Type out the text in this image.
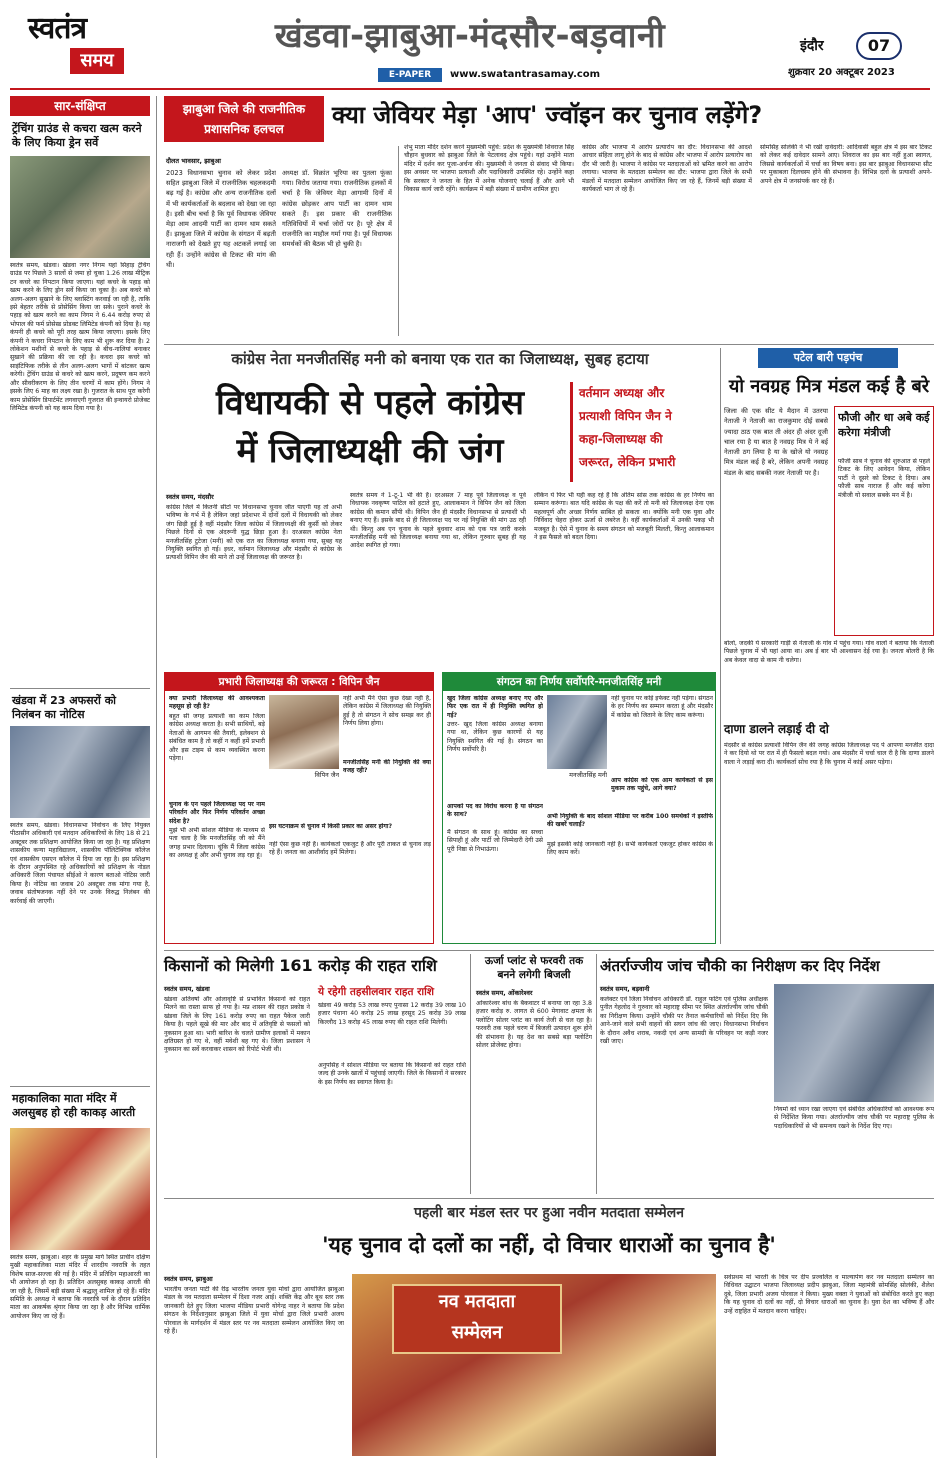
स्वतंत्र
समय
खंडवा-झाबुआ-मंदसौर-बड़वानी
E-PAPER	www.swatantrasamay.com
इंदौर	07
शुक्रवार 20 अक्टूबर 2023
सार-संक्षिप्त
ट्रेंचिंग ग्राउंड से कचरा खत्म करने के लिए किया ड्रेन सर्वे
स्वतंत्र समय, खंडवा। खंडवा नगर निगम यहां सिहाड़ ट्रेंचिंग ग्राउंड पर पिछले 3 सालों से जमा हो चुका 1.26 लाख मीट्रिक टन कचरे का निपटान किया जाएगा। यहां कचरे के पहाड़ को खत्म करने के लिए ड्रोन सर्वे किया जा चुका है। अब कचरे को अलग-अलग सुखाने के लिए ब्लास्टिंग करवाई जा रही है, ताकि इसे बेहतर तरीके से प्रोसेसिंग किया जा सके। पुराने कचरे के पहाड़ को खत्म करने का काम निगम ने 6.44 करोड़ रुपए से भोपाल की फर्म प्रोसेस्ड प्रोडक्ट लिमिटेड कंपनी को दिया है। यह कंपनी ही कचरे को पूरी तरह खत्म किया जाएगा। इसके लिए कंपनी ने कचरा निपटान के लिए काम भी शुरू कर दिया है। 2 लोकेशन मशीनों से कचरे के पहाड़ से बीच-नालियां बनाकर सुखाने की प्रक्रिया की जा रही है। कचरा इस कचरे को साइंटिफिक तरीके से तीन अलग-अलग भागों में बांटकर खत्म करेगी। ट्रेंचिंग ग्राउंड से कचरे को खत्म करने, प्रदूषण कम करने और सीवरीकरण के लिए तीन चरणों में काम होंगे। निगम ने इसके लिए 6 माह का लक्ष्य रखा है। गुजरात के साथ पूरा करेगी काम प्रोसेसिंग डिपार्टमेंट लगवाएगी गुजरात की इन्वायरो प्रोजेक्ट लिमिटेड कंपनी को यह काम दिया गया है।
खंडवा में 23 अफसरों को निलंबन का नोटिस
स्वतंत्र समय, खंडवा। विधानसभा निर्वाचन के लिए नियुक्त पीठासीन अधिकारी एवं मतदान अधिकारियों के लिए 18 से 21 अक्टूबर तक प्रशिक्षण आयोजित किया जा रहा है। यह प्रशिक्षण शासकीय कन्या महाविद्यालय, शासकीय पॉलिटेक्निक कॉलेज एवं शासकीय एसएन कॉलेज में दिया जा रहा है। इस प्रशिक्षण के दौरान अनुपस्थित रहे अधिकारियों को प्रशिक्षण के नोडल अधिकारी जिला पंचायत सीईओ ने कारण बताओ नोटिस जारी किया है। नोटिस का जवाब 20 अक्टूबर तक मांगा गया है, जवाब संतोषजनक नहीं देने पर उनके विरुद्ध निलंबन की कार्रवाई की जाएगी।
महाकालिका माता मंदिर में अलसुबह हो रही काकड़ आरती
स्वतंत्र समय, झाबुआ। शहर के प्रमुख मार्ग स्थित प्राचीन दक्षिण मुखी महाकालिका माता मंदिर में शारदीय नवरात्रि के तहत विशेष साज-सज्जा की गई है। मंदिर में प्रतिदिन महाआरती का भी आयोजन हो रहा है। प्रतिदिन अलसुबह काकड़ आरती की जा रही है, जिसमें बड़ी संख्या में श्रद्धालु शामिल हो रहे हैं। मंदिर समिति के अध्यक्ष ने बताया कि नवरात्रि पर्व के दौरान प्रतिदिन माता का आकर्षक श्रृंगार किया जा रहा है और विभिन्न धार्मिक आयोजन किए जा रहे हैं।
झाबुआ जिले की राजनीतिक
प्रशासनिक हलचल	क्या जेवियर मेड़ा 'आप' ज्वॉइन कर चुनाव लड़ेंगे?
दौलत भावसार, झाबुआ
2023 विधानसभा चुनाव को लेकर प्रदेश सहित झाबुआ जिले में राजनीतिक चहलकदमी बढ़ गई है। कांग्रेस और अन्य राजनीतिक दलों में भी कार्यकर्ताओं के बदलाव को देखा जा रहा है। इसी बीच चर्चा है कि पूर्व विधायक जेवियर मेड़ा आम आदमी पार्टी का दामन थाम सकते हैं। झाबुआ जिले में कांग्रेस के संगठन में बढ़ती नाराजगी को देखते हुए यह अटकलें लगाई जा रही हैं। उन्होंने कांग्रेस से टिकट की मांग की थी।
अध्यक्ष डॉ. विक्रांत भूरिया का पुतला फूंका गया। विरोध जताया गया। राजनीतिक हलकों में चर्चा है कि जेवियर मेड़ा आगामी दिनों में कांग्रेस छोड़कर आप पार्टी का दामन थाम सकते हैं। इस प्रकार की राजनीतिक गतिविधियों में चर्चा जोरों पर है। पूरे क्षेत्र में राजनीति का माहौल गर्मा गया है। पूर्व विधायक समर्थकों की बैठक भी हो चुकी है।
शंभु माता मंदिर दर्शन करने मुख्यमंत्री पहुंचे: प्रदेश के मुख्यमंत्री शिवराज सिंह चौहान बुधवार को झाबुआ जिले के पेटलावद क्षेत्र पहुंचे। यहां उन्होंने माता मंदिर में दर्शन कर पूजा-अर्चना की। मुख्यमंत्री ने जनता से संवाद भी किया। इस अवसर पर भाजपा प्रत्याशी और पदाधिकारी उपस्थित रहे। उन्होंने कहा कि सरकार ने जनता के हित में अनेक योजनाएं चलाई हैं और आगे भी विकास कार्य जारी रहेंगे। कार्यक्रम में बड़ी संख्या में ग्रामीण शामिल हुए।
कांग्रेस और भाजपा में आरोप प्रत्यारोप का दौर: विधानसभा की आदर्श आचार संहिता लागू होने के बाद से कांग्रेस और भाजपा में आरोप प्रत्यारोप का दौर भी जारी है। भाजपा ने कांग्रेस पर मतदाताओं को भ्रमित करने का आरोप लगाया। भाजपा के मतदाता सम्मेलन का दौर: भाजपा द्वारा जिले के सभी मंडलों में मतदाता सम्मेलन आयोजित किए जा रहे हैं, जिनमें बड़ी संख्या में कार्यकर्ता भाग ले रहे हैं।
सोमसिंह सोलंकी ने भी रखी दावेदारी: आदिवासी बहुल क्षेत्र में इस बार टिकट को लेकर कई दावेदार सामने आए। शिवराज का इस बार नहीं हुआ स्वागत, जिससे कार्यकर्ताओं में चर्चा का विषय बना। इस बार झाबुआ विधानसभा सीट पर मुकाबला दिलचस्प होने की संभावना है। विभिन्न दलों के प्रत्याशी अपने-अपने क्षेत्र में जनसंपर्क कर रहे हैं।
कांग्रेस नेता मनजीतसिंह मनी को बनाया एक रात का जिलाध्यक्ष, सुबह हटाया
विधायकी से पहले कांग्रेस
में जिलाध्यक्षी की जंग
वर्तमान अध्यक्ष और
प्रत्याशी विपिन जैन ने
कहा-जिलाध्यक्ष की
जरूरत, लेकिन प्रभारी
स्वतंत्र समय, मंदसौर
कांग्रेस जिले में कितनी सीटों पर विधानसभा चुनाव जीत पाएगी यह तो अभी भविष्य के गर्भ में है लेकिन जहां प्रदेशभर में दोनों दलों में विधायकी को लेकर जंग छिड़ी हुई है वहीं मंदसौर जिला कांग्रेस में जिलाध्यक्षी की कुर्सी को लेकर पिछले दिनों से एक अंदरूनी युद्ध छिड़ा हुआ है। दरअसल कांग्रेस नेता मनजीतसिंह टुटेजा (मनी) को एक रात का जिलाध्यक्ष बनाया गया, सुबह यह नियुक्ति स्थगित हो गई। इधर, वर्तमान जिलाध्यक्ष और मंदसौर से कांग्रेस के प्रत्याशी विपिन जैन की माने तो उन्हें जिलाध्यक्ष की जरूरत है।
स्वतंत्र समय ने 1-टू-1 भी की है। दरअसल 7 माह पूर्व जिलाध्यक्ष व पूर्व विधायक नवकृष्ण पाटिल को हटाते हुए, आलाकमान ने विपिन जैन को जिला कांग्रेस की कमान सौंपी थी। विपिन जैन ही मंदसौर विधानसभा से प्रत्याशी भी बनाए गए हैं। इसके बाद से ही जिलाध्यक्ष पद पर नई नियुक्ति की मांग उठ रही थी। किन्तु अब एन चुनाव के पहले बुधवार शाम को एक पत्र जारी करके मनजीतसिंह मनी को जिलाध्यक्ष बनाया गया था, लेकिन गुरुवार सुबह ही यह आदेश स्थगित हो गया।
लेकिन ये फिर भी यही कह रहे हैं कि अंतिम सांस तक कांग्रेस के हर निर्णय का सम्मान करूंगा। बात यदि कांग्रेस के पक्ष की करें तो मनी को जिलाध्यक्ष देना एक महत्वपूर्ण और अच्छा निर्णय साबित हो सकता था। क्योंकि मनी एक युवा और निर्विवाद चेहरा होकर ऊर्जा से लबरेज है। वहीं कार्यकर्ताओं में उनकी पकड़ भी मजबूत है। ऐसे में चुनाव के समय संगठन को मजबूती मिलती, किन्तु आलाकमान ने इस फैसले को बदल दिया।
प्रभारी जिलाध्यक्ष की जरूरत : विपिन जैन
क्या प्रभारी जिलाध्यक्ष की आवश्यकता महसूस हो रही है?
बहुत सी जगह प्रत्याशी का काम जिला कांग्रेस अध्यक्ष करता है। सभी साथियों, बड़े नेताओं के आगमन की तैयारी, इलेक्शन से संबंधित काम है तो कहीं न कहीं हमें प्रभारी और इस टाइम से काम व्यवस्थित करना पड़ेगा।
चुनाव के एन पहले जिलाध्यक्ष पद पर नाम परिवर्तन और फिर निर्णय परिवर्तन अच्छा संदेश है?
मुझे भी अभी सोशल मीडिया के माध्यम से पता चला है कि मनजीतसिंह जी को मैंने जगह प्रभार दिलाया। चूंकि मैं जिला कांग्रेस का अध्यक्ष हूं और अभी चुनाव लड़ रहा हूं।
विपिन जैन
नहीं अभी मैंने ऐसा कुछ देखा नहीं है, लेकिन कांग्रेस में जिलाध्यक्ष की नियुक्ति हुई है तो संगठन ने सोच समझ कर ही निर्णय लिया होगा।
मनजीतसिंह मनी की नियुक्ति की क्या वजह रही?
इस घटनाक्रम से चुनाव में किसी प्रकार का असर होगा?
नहीं ऐसा कुछ नहीं है। कार्यकर्ता एकजुट हैं और पूरी ताकत से चुनाव लड़ रहे हैं। जनता का आशीर्वाद हमें मिलेगा।
संगठन का निर्णय सर्वोपरि-मनजीतसिंह मनी
खुद जिला कांग्रेस अध्यक्ष बनाए गए और फिर एक रात में ही नियुक्ति स्थगित हो गई?
उत्तर- खुद जिला कांग्रेस अध्यक्ष बनाया गया था, लेकिन कुछ कारणों से यह नियुक्ति स्थगित की गई है। संगठन का निर्णय सर्वोपरि है।
मनजीतसिंह मनी
आपको पद का विरोध करना है या संगठन के साथ?
मैं संगठन के साथ हूं। कांग्रेस का सच्चा सिपाही हूं और पार्टी जो जिम्मेदारी देगी उसे पूरी निष्ठा से निभाऊंगा।
नहीं चुनाव पर कोई इफेक्ट नहीं पड़ेगा। संगठन के हर निर्णय का सम्मान करता हूं और मंदसौर में कांग्रेस को जिताने के लिए काम करूंगा।
आप कांग्रेस को एक आम कार्यकर्ता से इस मुकाम तक पहुंचे, आगे क्या?
अभी नियुक्ति के बाद सोशल मीडिया पर करीब 100 समर्थकों ने इस्तीफे की खबरें चलाईं?
मुझे इसकी कोई जानकारी नहीं है। सभी कार्यकर्ता एकजुट होकर कांग्रेस के लिए काम करें।
पटेल बारी पड़पंच
यो नवग्रह मित्र मंडल कई है बरे
जिला की एक सीट ये मैदान में उतरया नेताजी ने नेताजी का राजकुमार दोई सबसे ज्यादा ठाठ एक बात ती अंदर ही अंदर दूजी चाल रया है या बात है नवग्रह मित्र ये ने बई नेताजी ठग लिया है या के खोजे यो नवग्रह मित्र मंडल कई है बरे, लेकिन अपनी नवग्रह मंडल के बाद सबकी नजर नेताजी पर है।
फौजी और धा अबे कई करेगा मंत्रीजी
फौजी साब ने चुनाव की शुरुआत से पहले टिकट के लिए आवेदन किया, लेकिन पार्टी ने दूसरे को टिकट दे दिया। अब फौजी साब नाराज हैं और कई करेगा मंत्रीजी यो सवाल सबके मन में है।
बोलो, जदकी ये सरकारी गाड़ी से नेताजी के गांव में पहुंच गया। गांव वालों ने बताया कि नेताजी पिछले चुनाव में भी यहां आया था। अब ई बार भी आश्वासन देई रया है। जनता बोलरी है कि अब केवल वादा से काम नी चलेगा।
दाणा डालने लड़ाई दी दो
मंदसौर से कांग्रेस प्रत्याशी विपिन जैन की जगह कांग्रेस जिलाध्यक्ष पद पे आपणा मनजीत दादा ने कर दियो थो पर रात में ही फैसलो बदल गयो। अब मंदसौर में चर्चा चाल री है कि दाणा डालने वाला ने लड़ाई करा दी। कार्यकर्ता सोच रया है कि चुनाव में कांई असर पड़ेगा।
किसानों को मिलेगी 161 करोड़ की राहत राशि
स्वतंत्र समय, खंडवा
खंडवा अतिवर्षा और ओलावृष्टि से प्रभावित किसानों को राहत मिलने का रास्ता साफ हो गया है। मप्र शासन की राहत प्रकोष्ठ ने खंडवा जिले के लिए 161 करोड़ रुपए का राहत पैकेज जारी किया है। पहले सूखे की मार और बाद में अतिवृष्टि से फसलों को नुकसान हुआ था। भारी बारिश के चलते ग्रामीण इलाकों में मकान क्षतिग्रस्त हो गए थे, वहीं मवेशी बह गए थे। जिला प्रशासन ने नुकसान का सर्वे करवाकर शासन को रिपोर्ट भेजी थी।
ये रहेगी तहसीलवार राहत राशि
खंडवा 49 करोड़ 53 लाख रुपए पुनासा 12 करोड़ 39 लाख 10 हजार पंधाना 40 करोड़ 25 लाख हरसूद 25 करोड़ 39 लाख किल्लौद 13 करोड़ 45 लाख रुपए की राहत राशि मिलेगी।
अनुपसिंह ने सोशल मीडिया पर बताया कि किसानों को राहत राशि जल्द ही उनके खातों में पहुंचाई जाएगी। जिले के किसानों ने सरकार के इस निर्णय का स्वागत किया है।
ऊर्जा प्लांट से फरवरी तक बनने लगेगी बिजली
स्वतंत्र समय, ओंकारेश्वर
ओंकारेश्वर बांध के बैकवाटर में बनाया जा रहा 3.8 हजार करोड़ रु. लागत से 600 मेगावाट क्षमता के फ्लोटिंग सोलर प्लांट का कार्य तेजी से चल रहा है। फरवरी तक पहले चरण में बिजली उत्पादन शुरू होने की संभावना है। यह देश का सबसे बड़ा फ्लोटिंग सोलर प्रोजेक्ट होगा।
अंतर्राज्जीय जांच चौकी का निरीक्षण कर दिए निर्देश
स्वतंत्र समय, बड़वानी
कलेक्टर एवं जिला निर्वाचन अधिकारी डॉ. राहुल फटिंग एवं पुलिस अधीक्षक पुनीत गेहलोद ने गुरुवार को महाराष्ट्र सीमा पर स्थित अंतर्राज्यीय जांच चौकी का निरीक्षण किया। उन्होंने चौकी पर तैनात कर्मचारियों को निर्देश दिए कि आने-जाने वाले सभी वाहनों की सघन जांच की जाए। विधानसभा निर्वाचन के दौरान अवैध शराब, नकदी एवं अन्य सामग्री के परिवहन पर कड़ी नजर रखी जाए।
नियमों को ध्यान रखा जाएगा एवं संबंधित अधिकारियों को आवश्यक रूप से निर्देशित किया गया। अंतर्राज्यीय जांच चौकी पर महाराष्ट्र पुलिस के पदाधिकारियों से भी समन्वय रखने के निर्देश दिए गए।
पहली बार मंडल स्तर पर हुआ नवीन मतदाता सम्मेलन
'यह चुनाव दो दलों का नहीं, दो विचार धाराओं का चुनाव है'
स्वतंत्र समय, झाबुआ
भारतीय जनता पार्टी की रीढ़ भारतीय जनता युवा मोर्चा द्वारा आयोजित झाबुआ मंडल के नव मतदाता सम्मेलन में दिशा नजर आई। शक्ति केंद्र और बूथ स्तर तक जानकारी देते हुए जिला भाजपा मीडिया प्रभारी योगेन्द्र नाहर ने बताया कि प्रदेश संगठन के निर्देशानुसार झाबुआ जिले में युवा मोर्चा द्वारा जिले प्रभारी अजय पोरवाल के मार्गदर्शन में मंडल स्तर पर नव मतदाता सम्मेलन आयोजित किए जा रहे हैं।
नव मतदाता
सम्मेलन
सर्वप्रथम मां भारती के चित्र पर दीप प्रज्वलित व माल्यार्पण कर नव मतदाता सम्मेलन का विधिवत उद्घाटन भाजपा जिलाध्यक्ष प्रदीप झाबुआ, जिला महामंत्री सोमसिंह सोलंकी, शैलेश दुबे, जिला प्रभारी अजय पोरवाल ने किया। मुख्य वक्ता ने युवाओं को संबोधित करते हुए कहा कि यह चुनाव दो दलों का नहीं, दो विचार धाराओं का चुनाव है। युवा देश का भविष्य हैं और उन्हें राष्ट्रहित में मतदान करना चाहिए।
